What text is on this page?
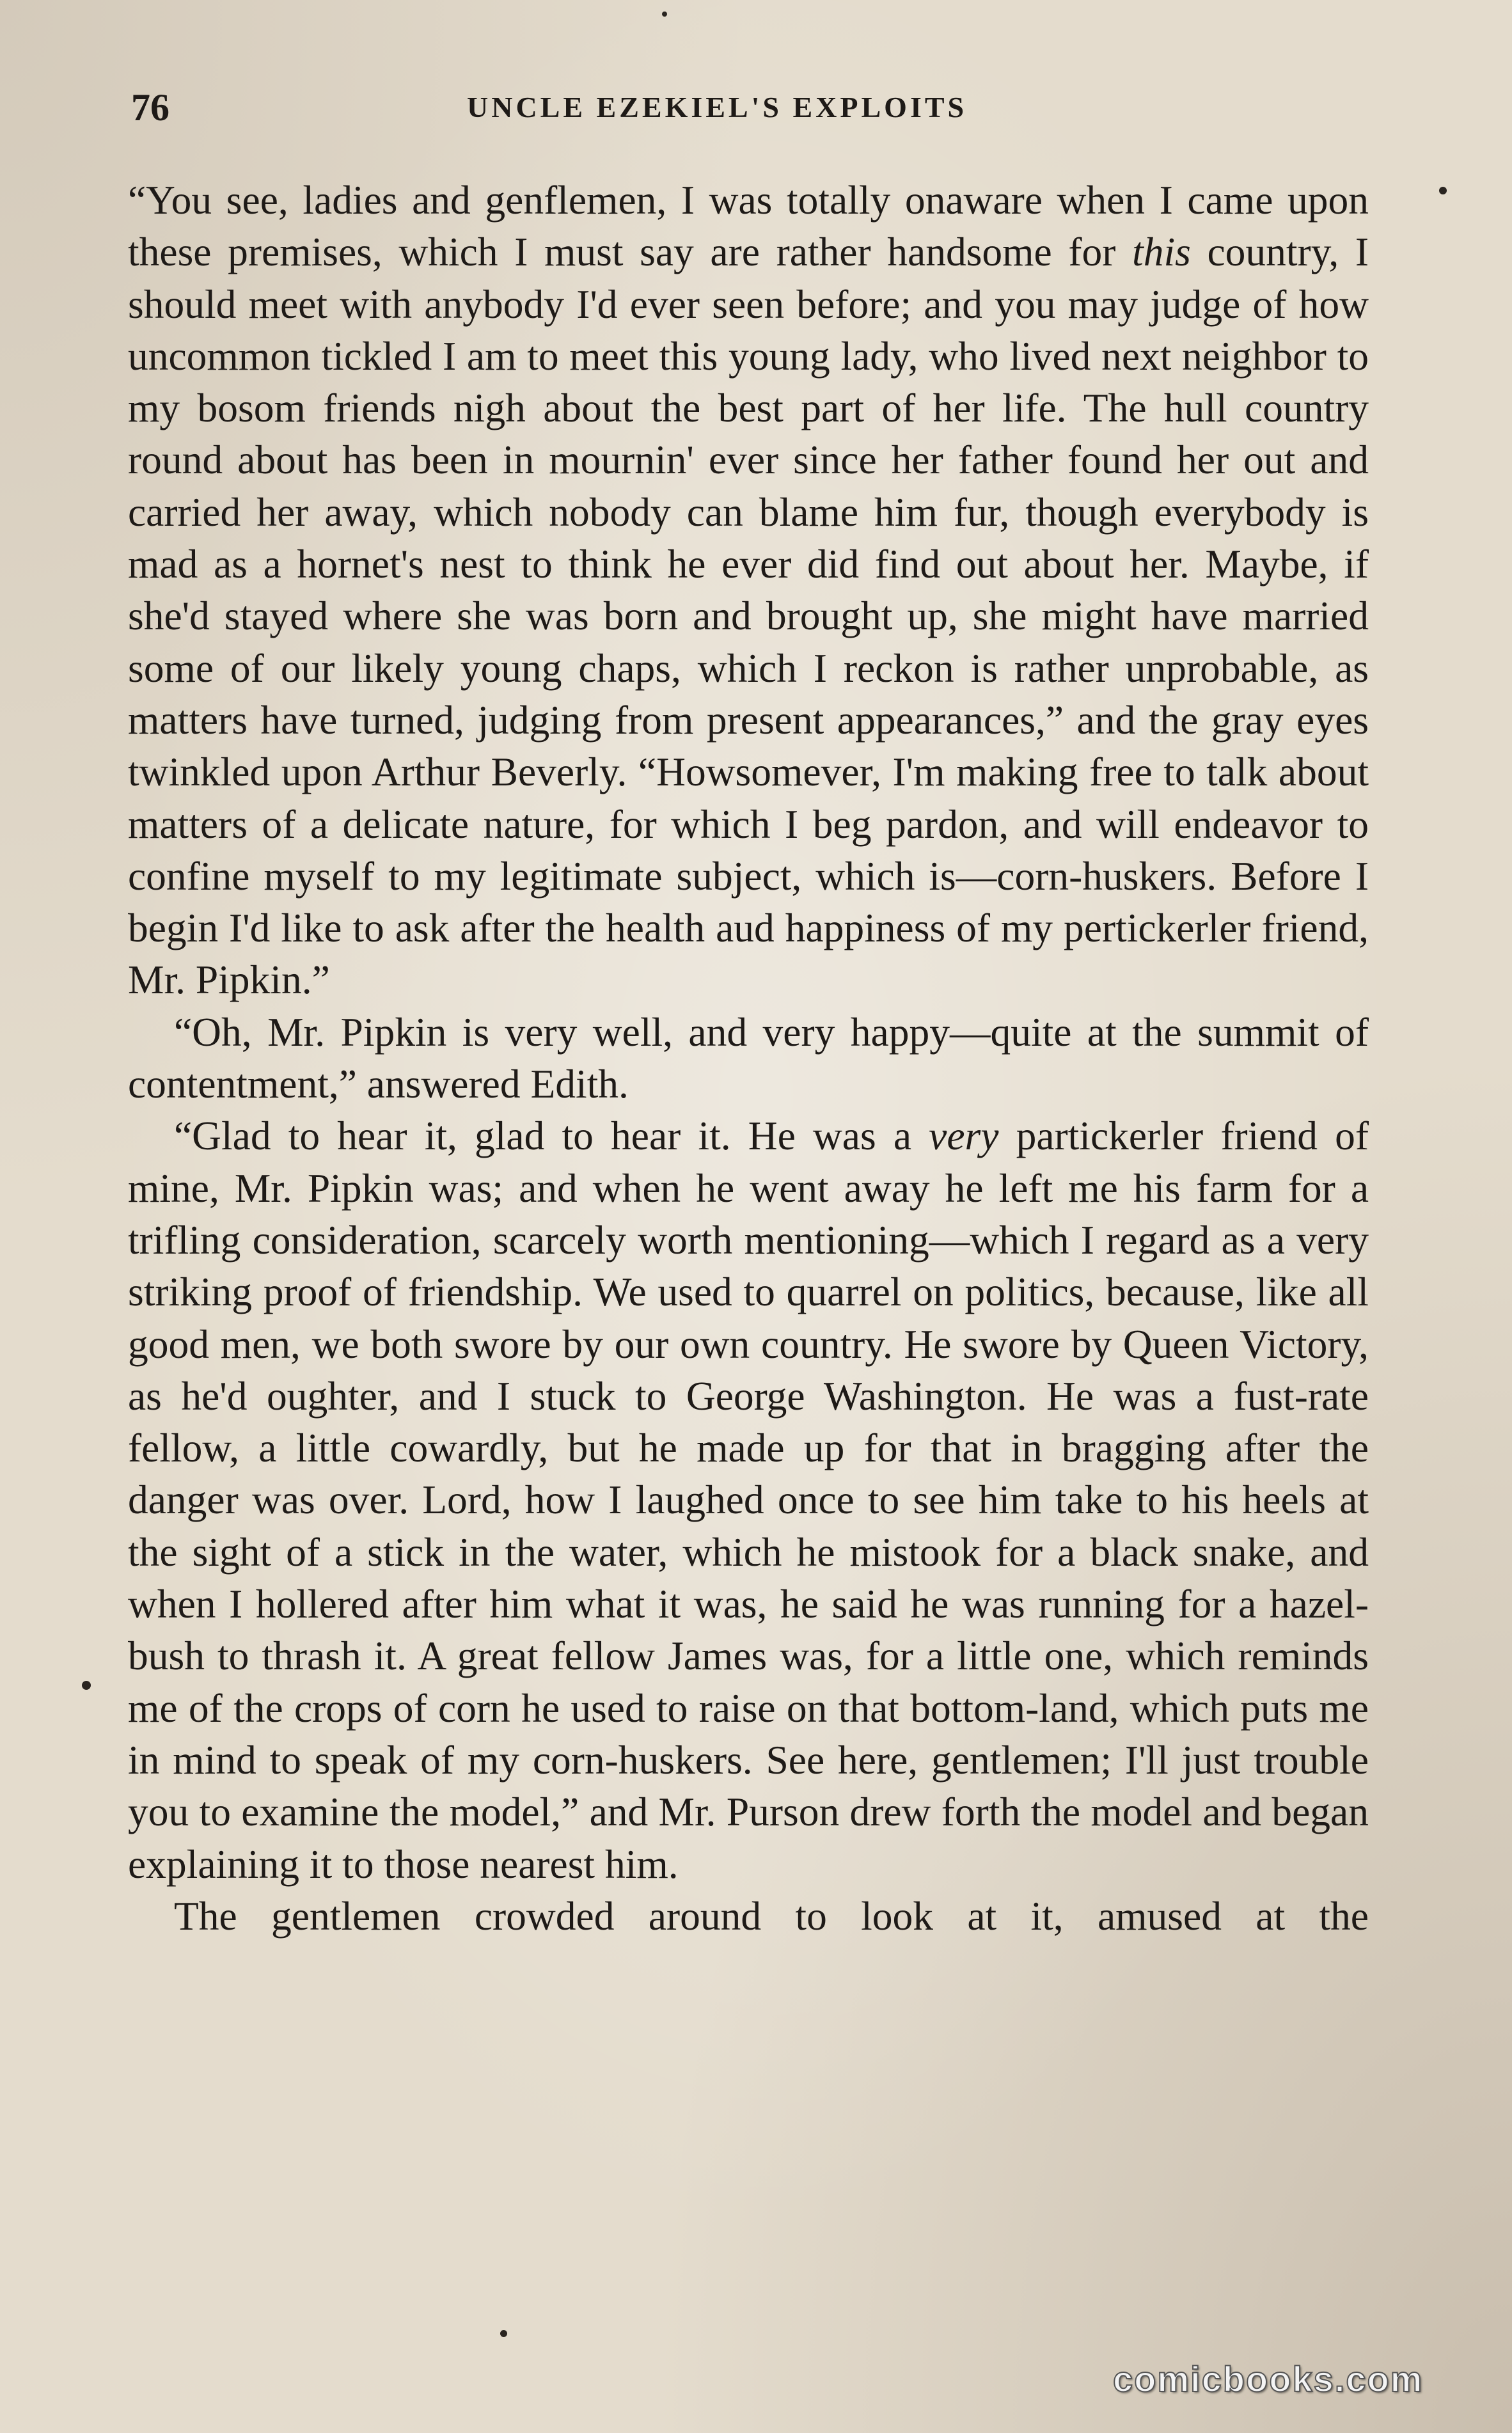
76	UNCLE EZEKIEL'S EXPLOITS

“You see, ladies and genflemen, I was totally onaware when I came upon these premises, which I must say are rather handsome for this country, I should meet with anybody I'd ever seen before; and you may judge of how uncommon tickled I am to meet this young lady, who lived next neighbor to my bosom friends nigh about the best part of her life. The hull country round about has been in mournin' ever since her father found her out and carried her away, which nobody can blame him fur, though everybody is mad as a hornet's nest to think he ever did find out about her. Maybe, if she'd stayed where she was born and brought up, she might have married some of our likely young chaps, which I reckon is rather unprobable, as matters have turned, judging from present appearances,” and the gray eyes twinkled upon Arthur Beverly. “Howsomever, I'm making free to talk about matters of a delicate nature, for which I beg pardon, and will endeavor to confine myself to my legitimate subject, which is—corn-huskers. Before I begin I'd like to ask after the health aud happiness of my pertickerler friend, Mr. Pipkin.”

“Oh, Mr. Pipkin is very well, and very happy—quite at the summit of contentment,” answered Edith.

“Glad to hear it, glad to hear it. He was a very partickerler friend of mine, Mr. Pipkin was; and when he went away he left me his farm for a trifling consideration, scarcely worth mentioning—which I regard as a very striking proof of friendship. We used to quarrel on politics, because, like all good men, we both swore by our own country. He swore by Queen Victory, as he'd oughter, and I stuck to George Washington. He was a fust-rate fellow, a little cowardly, but he made up for that in bragging after the danger was over. Lord, how I laughed once to see him take to his heels at the sight of a stick in the water, which he mistook for a black snake, and when I hollered after him what it was, he said he was running for a hazel-bush to thrash it. A great fellow James was, for a little one, which reminds me of the crops of corn he used to raise on that bottom-land, which puts me in mind to speak of my corn-huskers. See here, gentlemen; I'll just trouble you to examine the model,” and Mr. Purson drew forth the model and began explaining it to those nearest him.

The gentlemen crowded around to look at it, amused at the

comicbooks.com
